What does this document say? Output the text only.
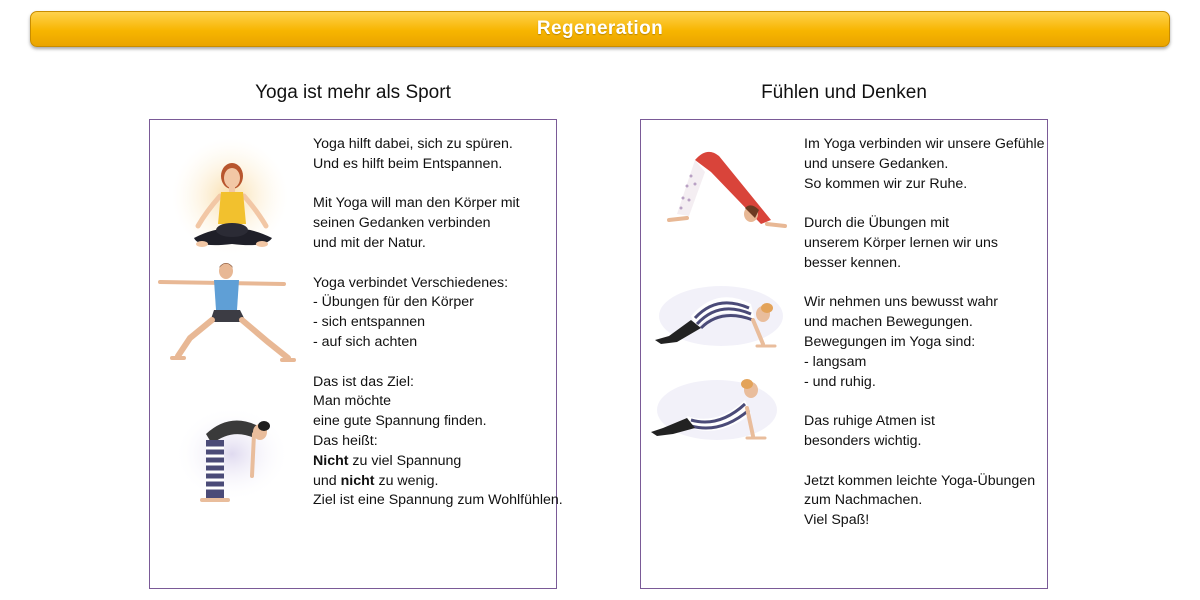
Regeneration
Yoga ist mehr als Sport	Fühlen und Denken
Yoga hilft dabei, sich zu spüren.
Und es hilft beim Entspannen.
Mit Yoga will man den Körper mit
seinen Gedanken verbinden
und mit der Natur.
Yoga verbindet Verschiedenes:
- Übungen für den Körper
- sich entspannen
- auf sich achten
Das ist das Ziel:
Man möchte
eine gute Spannung finden.
Das heißt:
Nicht zu viel Spannung
und nicht zu wenig.
Ziel ist eine Spannung zum Wohlfühlen.
Im Yoga verbinden wir unsere Gefühle
und unsere Gedanken.
So kommen wir zur Ruhe.
Durch die Übungen mit
unserem Körper lernen wir uns
besser kennen.
Wir nehmen uns bewusst wahr
und machen Bewegungen.
Bewegungen im Yoga sind:
- langsam
- und ruhig.
Das ruhige Atmen ist
besonders wichtig.
Jetzt kommen leichte Yoga-Übungen
zum Nachmachen.
Viel Spaß!
